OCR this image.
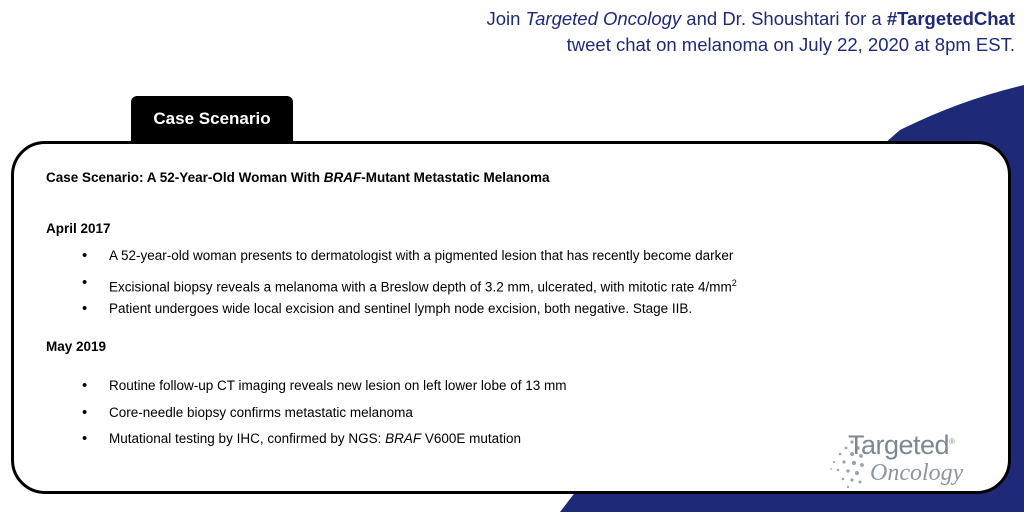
Join Targeted Oncology and Dr. Shoushtari for a #TargetedChat
tweet chat on melanoma on July 22, 2020 at 8pm EST.
Case Scenario
Case Scenario: A 52-Year-Old Woman With BRAF-Mutant Metastatic Melanoma
April 2017
• A 52-year-old woman presents to dermatologist with a pigmented lesion that has recently become darker
• Excisional biopsy reveals a melanoma with a Breslow depth of 3.2 mm, ulcerated, with mitotic rate $4/mm^2$
• Patient undergoes wide local excision and sentinel lymph node excision, both negative. Stage IIB.
May 2019
• Routine follow-up CT imaging reveals new lesion on left lower lobe of 13 mm
• Core-needle biopsy confirms metastatic melanoma
• Mutational testing by IHC, confirmed by NGS: BRAF V600E mutation	Targeted®
Oncology
